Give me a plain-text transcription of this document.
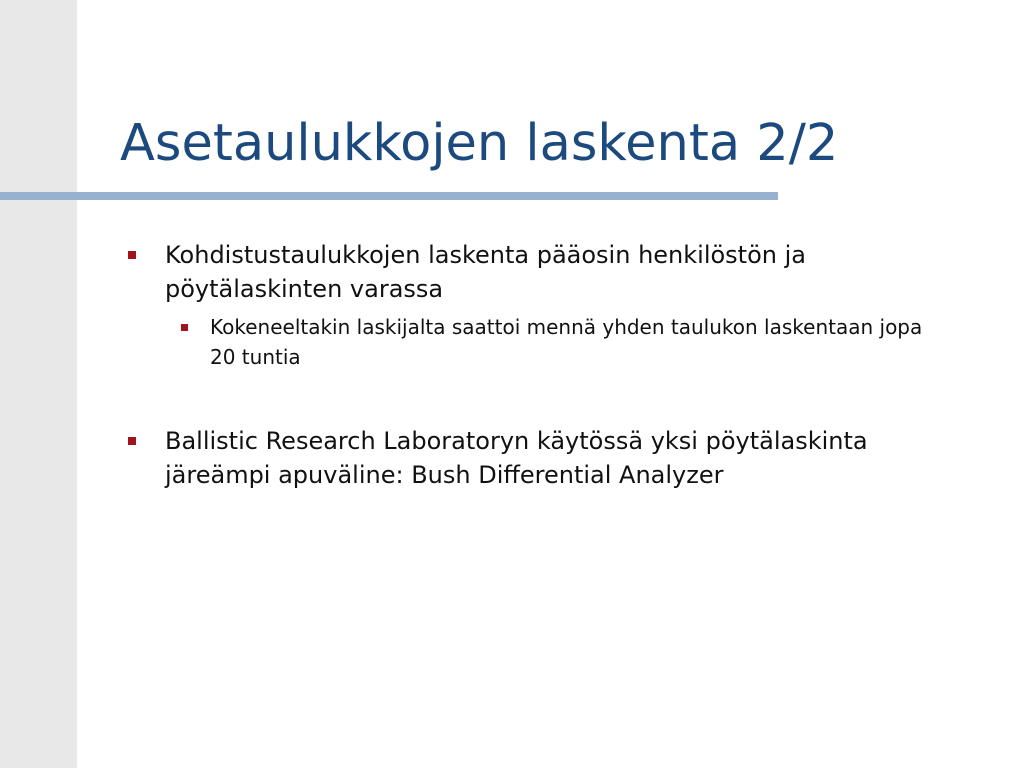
Asetaulukkojen laskenta 2/2
Kohdistustaulukkojen laskenta pääosin henkilöstön ja pöytälaskinten varassa
Kokeneeltakin laskijalta saattoi mennä yhden taulukon laskentaan jopa 20 tuntia
Ballistic Research Laboratoryn käytössä yksi pöytälaskinta järeämpi apuväline: Bush Differential Analyzer
